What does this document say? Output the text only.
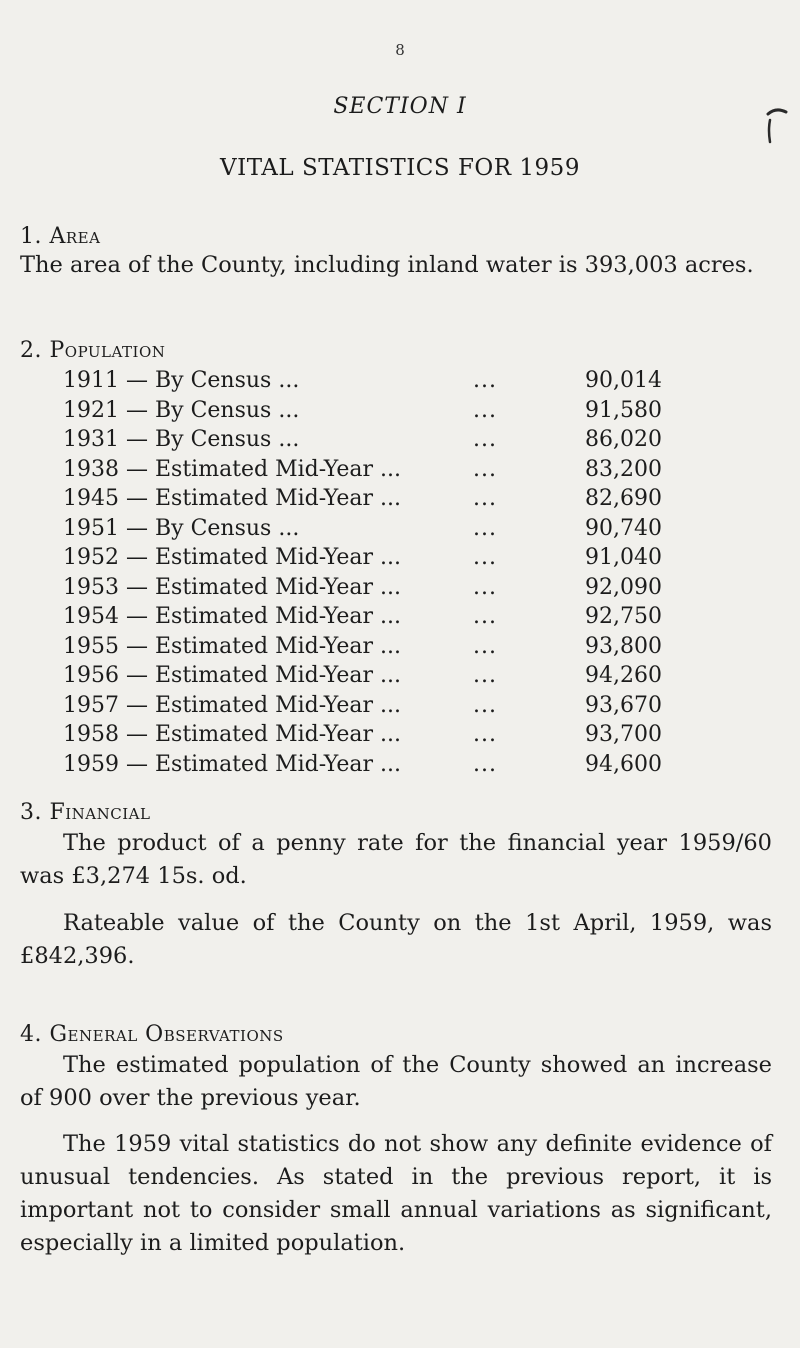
8
SECTION I
VITAL STATISTICS FOR 1959
1. Area
The area of the County, including inland water is 393,003 acres.
2. Population
1911 — By Census ...	...	90,014
1921 — By Census ...	...	91,580
1931 — By Census ...	...	86,020
1938 — Estimated Mid-Year ...	...	83,200
1945 — Estimated Mid-Year ...	...	82,690
1951 — By Census ...	...	90,740
1952 — Estimated Mid-Year ...	...	91,040
1953 — Estimated Mid-Year ...	...	92,090
1954 — Estimated Mid-Year ...	...	92,750
1955 — Estimated Mid-Year ...	...	93,800
1956 — Estimated Mid-Year ...	...	94,260
1957 — Estimated Mid-Year ...	...	93,670
1958 — Estimated Mid-Year ...	...	93,700
1959 — Estimated Mid-Year ...	...	94,600
3. Financial
The product of a penny rate for the financial year 1959/60 was £3,274 15s. od.
Rateable value of the County on the 1st April, 1959, was £842,396.
4. General Observations
The estimated population of the County showed an increase of 900 over the previous year.
The 1959 vital statistics do not show any definite evidence of unusual tendencies. As stated in the previous report, it is important not to consider small annual variations as significant, especially in a limited population.
